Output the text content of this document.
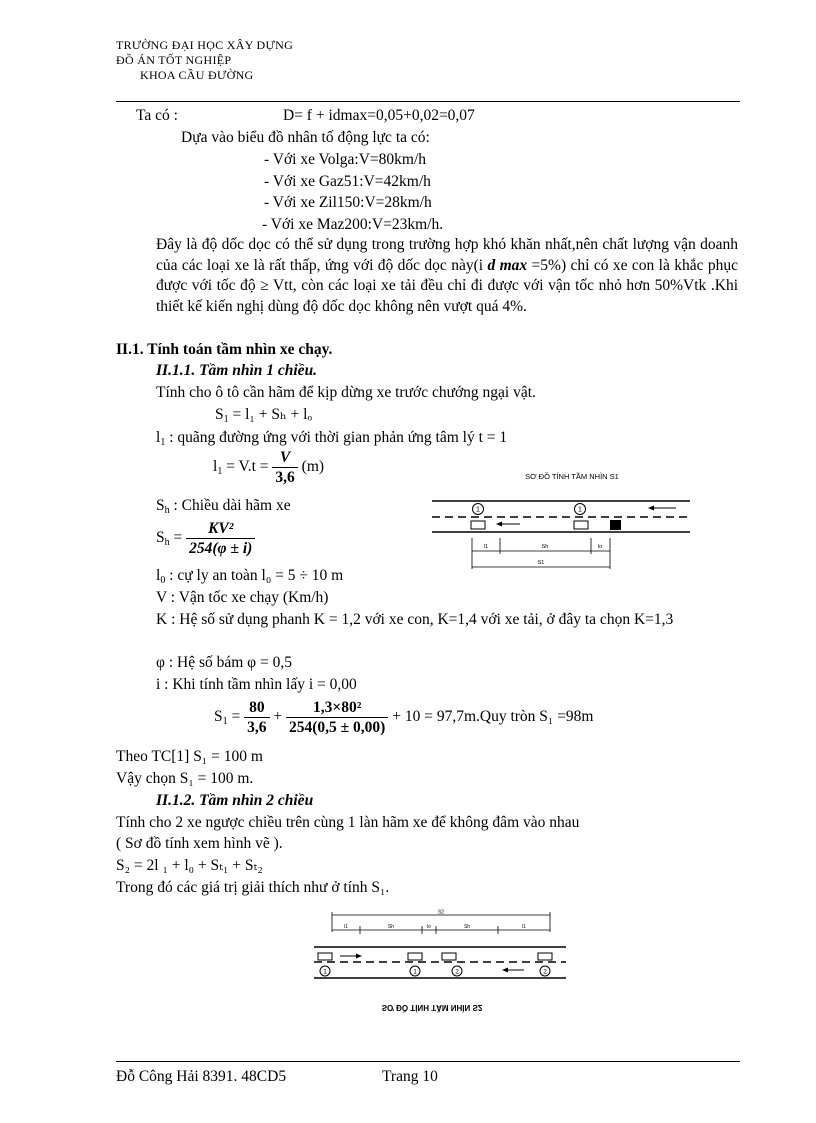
TRƯỜNG ĐẠI HỌC XÂY DỰNG
ĐỒ ÁN TỐT NGHIỆP
KHOA CẦU ĐƯỜNG
Ta có :	D= f + idmax=0,05+0,02=0,07
Dựa vào biểu đồ nhân tố động lực ta có:
- Với xe Volga:V=80km/h
- Với xe Gaz51:V=42km/h
- Với xe Zil150:V=28km/h
- Với xe Maz200:V=23km/h.
Đây là độ dốc dọc có thể sử dụng trong trường hợp khó khăn nhất,nên chất lượng vận doanh của các loại xe là rất thấp, ứng với độ dốc dọc này(i d max =5%) chỉ có xe con là khắc phục được với tốc độ ≥ Vtt, còn các loại xe tải đều chỉ đi được với vận tốc nhỏ hơn 50%Vtk .Khi thiết kế kiến nghị dùng độ dốc dọc không nên vượt quá 4%.
II.1. Tính toán tầm nhìn xe chạy.
II.1.1. Tầm nhìn 1 chiều.
Tính cho ô tô cần hãm để kịp dừng xe trước chướng ngại vật.
$S_1 = l_1 + S_h + l_o$
$l_1$ : quãng đường ứng với thời gian phản ứng tâm lý t = 1
$l_1 = V.t = \frac{V}{3,6} (m)$
$S_h$ : Chiều dài hãm xe
$S_h = \frac{\text{KV²}}{254(\varphi \pm i)}$
$l_0$ : cự ly an toàn l₀ = 5 ÷ 10 m
V : Vận tốc xe chạy (Km/h)
K : Hệ số sử dụng phanh K = 1,2 với xe con, K=1,4 với xe tải, ở đây ta chọn K=1,3
φ : Hệ số bám φ = 0,5
i : Khi tính tầm nhìn lấy i = 0,00
$S_1 = \frac{80}{3,6} + \frac{\text{1,3×80²}}{254(0,5 \pm 0,00)} + 10 = 97,7m.Quy$ tròn S₁ =98m
Theo TC[1] S₁ = 100 m
Vậy chọn S₁ = 100 m.
II.1.2. Tầm nhìn 2 chiều
Tính cho 2 xe ngược chiều trên cùng 1 làn hãm xe để không đâm vào nhau
( Sơ đồ tính xem hình vẽ ).
S₂ = 2l ₁ + l₀ + Sₜ₁ + Sₜ₂
Trong đó các giá trị giải thích như ở tính S₁.
SƠ ĐỒ TÍNH TẦM NHÌN S1
1	1
l1	Sh	lo
S1
S2
l1	Sh	lo	Sh	l1
1	1	2	2
SƠ ĐỒ TÍNH TẦM NHÌN S2
Đỗ Công Hải 8391. 48CD5	Trang 10
